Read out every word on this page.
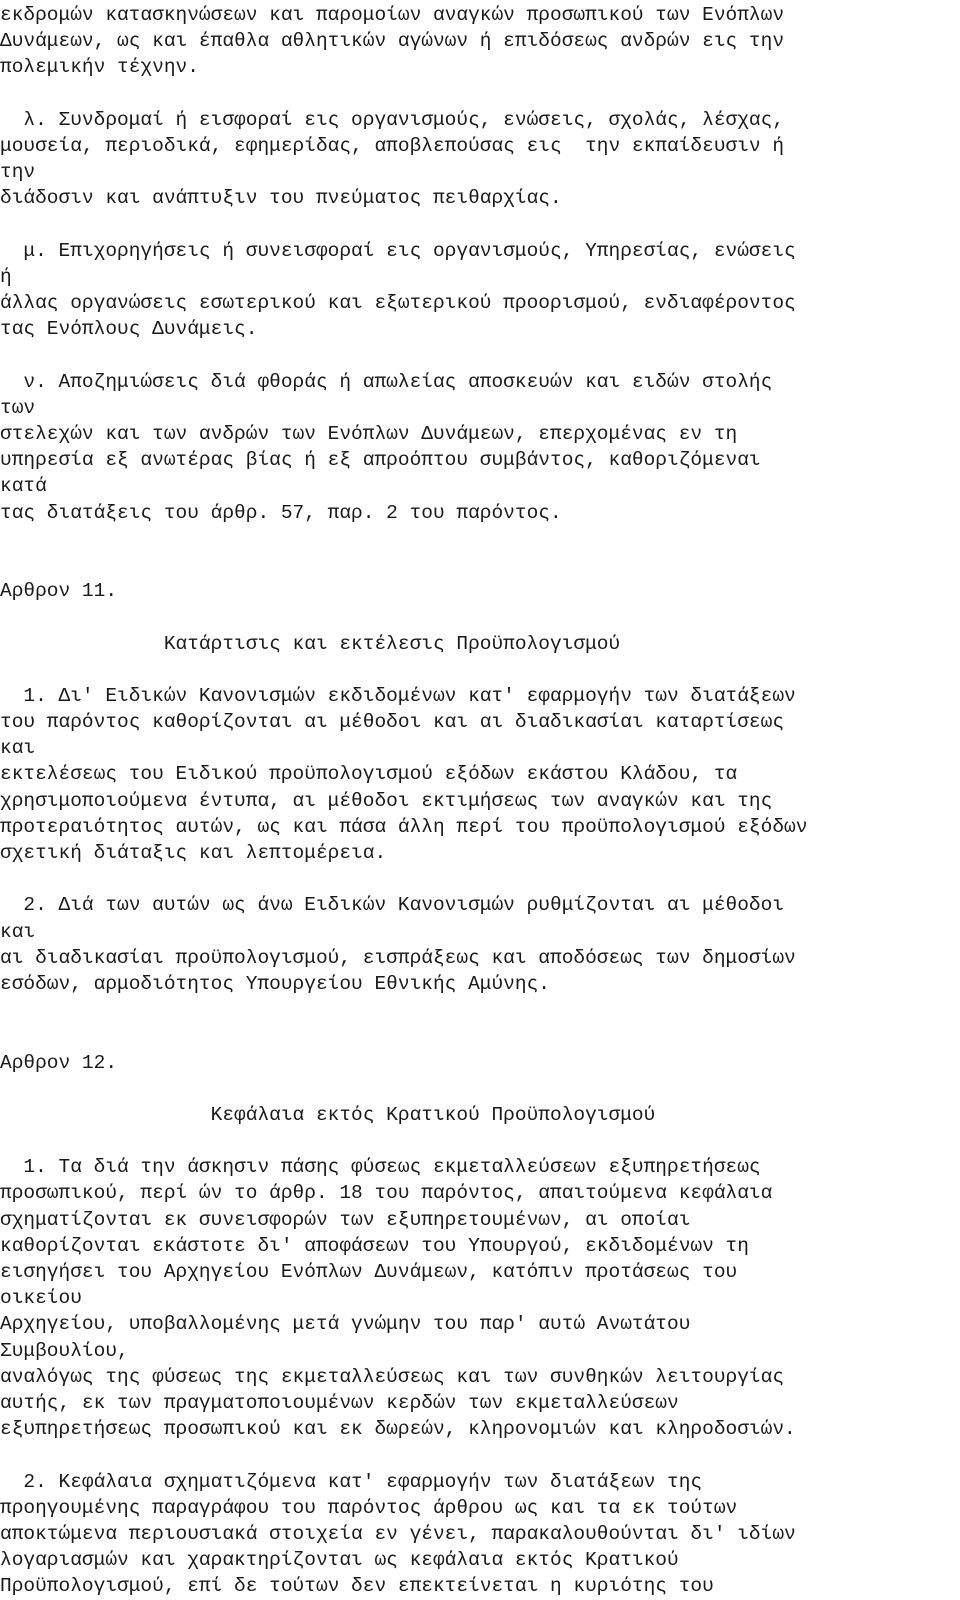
εκδρομών κατασκηνώσεων και παρομοίων αναγκών προσωπικού των Ενόπλων
Δυνάμεων, ως και έπαθλα αθλητικών αγώνων ή επιδόσεως ανδρών εις την
πολεμικήν τέχνην.
λ. Συνδρομαί ή εισφοραί εις οργανισμούς, ενώσεις, σχολάς, λέσχας,
μουσεία, περιοδικά, εφημερίδας, αποβλεπούσας εις  την εκπαίδευσιν ή
την
διάδοσιν και ανάπτυξιν του πνεύματος πειθαρχίας.
μ. Επιχορηγήσεις ή συνεισφοραί εις οργανισμούς, Υπηρεσίας, ενώσεις
ή
άλλας οργανώσεις εσωτερικού και εξωτερικού προορισμού, ενδιαφέροντος
τας Ενόπλους Δυνάμεις.
ν. Αποζημιώσεις διά φθοράς ή απωλείας αποσκευών και ειδών στολής
των
στελεχών και των ανδρών των Ενόπλων Δυνάμεων, επερχομένας εν τη
υπηρεσία εξ ανωτέρας βίας ή εξ απροόπτου συμβάντος, καθοριζόμεναι
κατά
τας διατάξεις του άρθρ. 57, παρ. 2 του παρόντος.
Αρθρον 11.
Κατάρτισις και εκτέλεσις Προϋπολογισμού
1. Δι' Ειδικών Κανονισμών εκδιδομένων κατ' εφαρμογήν των διατάξεων
του παρόντος καθορίζονται αι μέθοδοι και αι διαδικασίαι καταρτίσεως
και
εκτελέσεως του Ειδικού προϋπολογισμού εξόδων εκάστου Κλάδου, τα
χρησιμοποιούμενα έντυπα, αι μέθοδοι εκτιμήσεως των αναγκών και της
προτεραιότητος αυτών, ως και πάσα άλλη περί του προϋπολογισμού εξόδων
σχετική διάταξις και λεπτομέρεια.
2. Διά των αυτών ως άνω Ειδικών Κανονισμών ρυθμίζονται αι μέθοδοι
και
αι διαδικασίαι προϋπολογισμού, εισπράξεως και αποδόσεως των δημοσίων
εσόδων, αρμοδιότητος Υπουργείου Εθνικής Αμύνης.
Αρθρον 12.
Κεφάλαια εκτός Κρατικού Προϋπολογισμού
1. Τα διά την άσκησιν πάσης φύσεως εκμεταλλεύσεων εξυπηρετήσεως
προσωπικού, περί ών το άρθρ. 18 του παρόντος, απαιτούμενα κεφάλαια
σχηματίζονται εκ συνεισφορών των εξυπηρετουμένων, αι οποίαι
καθορίζονται εκάστοτε δι' αποφάσεων του Υπουργού, εκδιδομένων τη
εισηγήσει του Αρχηγείου Ενόπλων Δυνάμεων, κατόπιν προτάσεως του
οικείου
Αρχηγείου, υποβαλλομένης μετά γνώμην του παρ' αυτώ Ανωτάτου
Συμβουλίου,
αναλόγως της φύσεως της εκμεταλλεύσεως και των συνθηκών λειτουργίας
αυτής, εκ των πραγματοποιουμένων κερδών των εκμεταλλεύσεων
εξυπηρετήσεως προσωπικού και εκ δωρεών, κληρονομιών και κληροδοσιών.
2. Κεφάλαια σχηματιζόμενα κατ' εφαρμογήν των διατάξεων της
προηγουμένης παραγράφου του παρόντος άρθρου ως και τα εκ τούτων
αποκτώμενα περιουσιακά στοιχεία εν γένει, παρακαλουθούνται δι' ιδίων
λογαριασμών και χαρακτηρίζονται ως κεφάλαια εκτός Κρατικού
Προϋπολογισμού, επί δε τούτων δεν επεκτείνεται η κυριότης του
